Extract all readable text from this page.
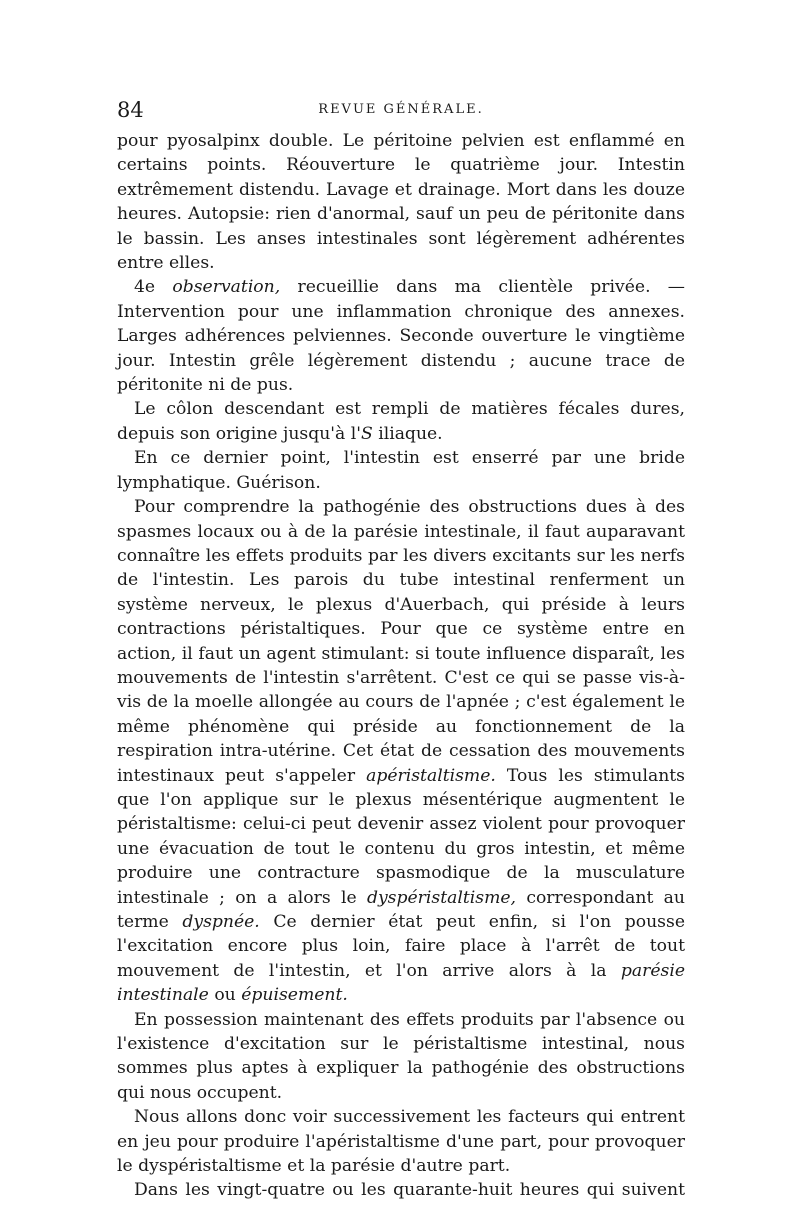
84	REVUE GÉNÉRALE.

pour pyosalpinx double. Le péritoine pelvien est enflammé en certains points. Réouverture le quatrième jour. Intestin extrêmement distendu. Lavage et drainage. Mort dans les douze heures. Autopsie: rien d'anormal, sauf un peu de péritonite dans le bassin. Les anses intestinales sont légèrement adhérentes entre elles.

4e observation, recueillie dans ma clientèle privée. — Intervention pour une inflammation chronique des annexes. Larges adhérences pelviennes. Seconde ouverture le vingtième jour. Intestin grêle légèrement distendu ; aucune trace de péritonite ni de pus.

Le côlon descendant est rempli de matières fécales dures, depuis son origine jusqu'à l'S iliaque.

En ce dernier point, l'intestin est enserré par une bride lymphatique. Guérison.

Pour comprendre la pathogénie des obstructions dues à des spasmes locaux ou à de la parésie intestinale, il faut auparavant connaître les effets produits par les divers excitants sur les nerfs de l'intestin. Les parois du tube intestinal renferment un système nerveux, le plexus d'Auerbach, qui préside à leurs contractions péristaltiques. Pour que ce système entre en action, il faut un agent stimulant: si toute influence disparaît, les mouvements de l'intestin s'arrêtent. C'est ce qui se passe vis-à-vis de la moelle allongée au cours de l'apnée ; c'est également le même phénomène qui préside au fonctionnement de la respiration intra-utérine. Cet état de cessation des mouvements intestinaux peut s'appeler apéristaltisme. Tous les stimulants que l'on applique sur le plexus mésentérique augmentent le péristaltisme: celui-ci peut devenir assez violent pour provoquer une évacuation de tout le contenu du gros intestin, et même produire une contracture spasmodique de la musculature intestinale ; on a alors le dyspéristaltisme, correspondant au terme dyspnée. Ce dernier état peut enfin, si l'on pousse l'excitation encore plus loin, faire place à l'arrêt de tout mouvement de l'intestin, et l'on arrive alors à la parésie intestinale ou épuisement.

En possession maintenant des effets produits par l'absence ou l'existence d'excitation sur le péristaltisme intestinal, nous sommes plus aptes à expliquer la pathogénie des obstructions qui nous occupent.

Nous allons donc voir successivement les facteurs qui entrent en jeu pour produire l'apéristaltisme d'une part, pour provoquer le dyspéristaltisme et la parésie d'autre part.

Dans les vingt-quatre ou les quarante-huit heures qui suivent
